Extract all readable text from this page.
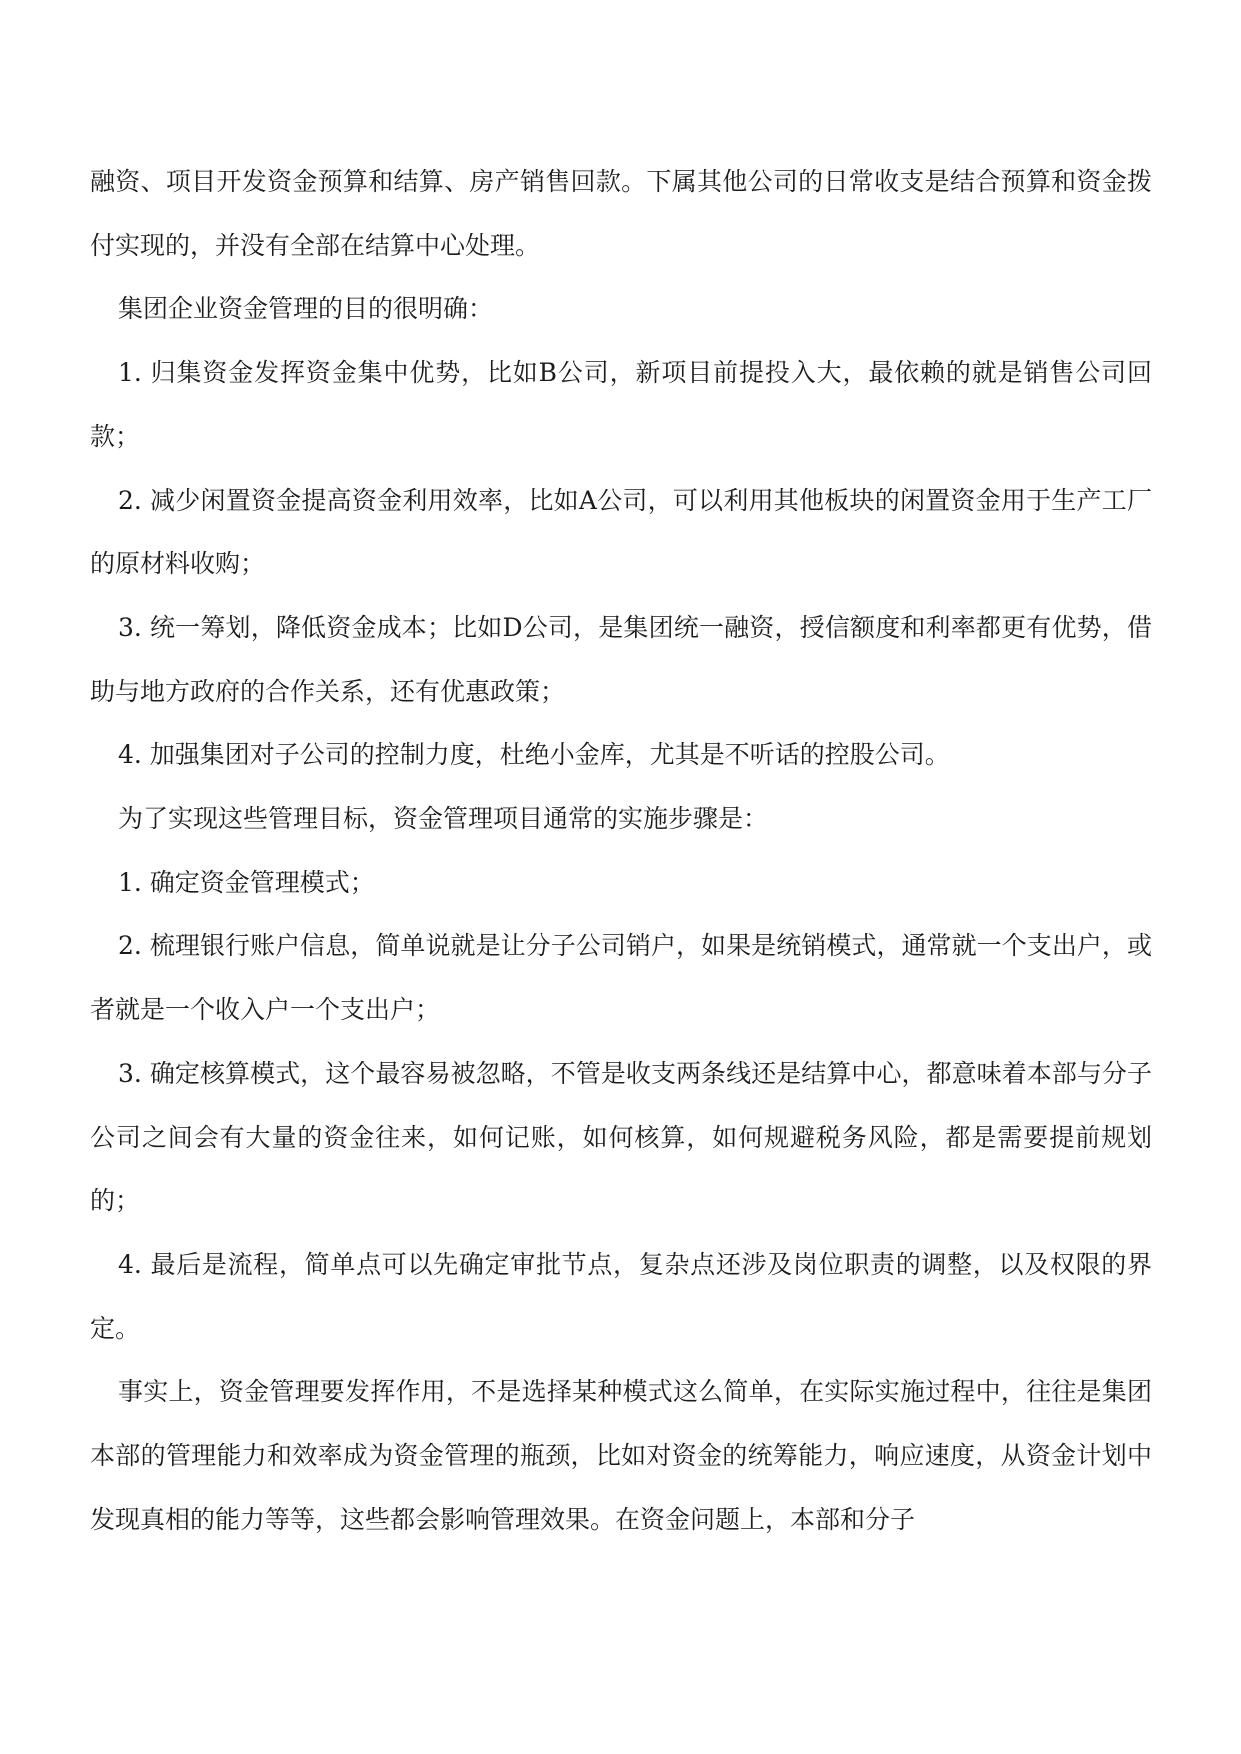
融资、项目开发资金预算和结算、房产销售回款。下属其他公司的日常收支是结合预算和资金拨付实现的，并没有全部在结算中心处理。

集团企业资金管理的目的很明确：

1. 归集资金发挥资金集中优势，比如B公司，新项目前提投入大，最依赖的就是销售公司回款；

2. 减少闲置资金提高资金利用效率，比如A公司，可以利用其他板块的闲置资金用于生产工厂的原材料收购；

3. 统一筹划，降低资金成本；比如D公司，是集团统一融资，授信额度和利率都更有优势，借助与地方政府的合作关系，还有优惠政策；

4. 加强集团对子公司的控制力度，杜绝小金库，尤其是不听话的控股公司。

为了实现这些管理目标，资金管理项目通常的实施步骤是：

1. 确定资金管理模式；

2. 梳理银行账户信息，简单说就是让分子公司销户，如果是统销模式，通常就一个支出户，或者就是一个收入户一个支出户；

3. 确定核算模式，这个最容易被忽略，不管是收支两条线还是结算中心，都意味着本部与分子公司之间会有大量的资金往来，如何记账，如何核算，如何规避税务风险，都是需要提前规划的；

4. 最后是流程，简单点可以先确定审批节点，复杂点还涉及岗位职责的调整，以及权限的界定。

事实上，资金管理要发挥作用，不是选择某种模式这么简单，在实际实施过程中，往往是集团本部的管理能力和效率成为资金管理的瓶颈，比如对资金的统筹能力，响应速度，从资金计划中发现真相的能力等等，这些都会影响管理效果。在资金问题上，本部和分子
